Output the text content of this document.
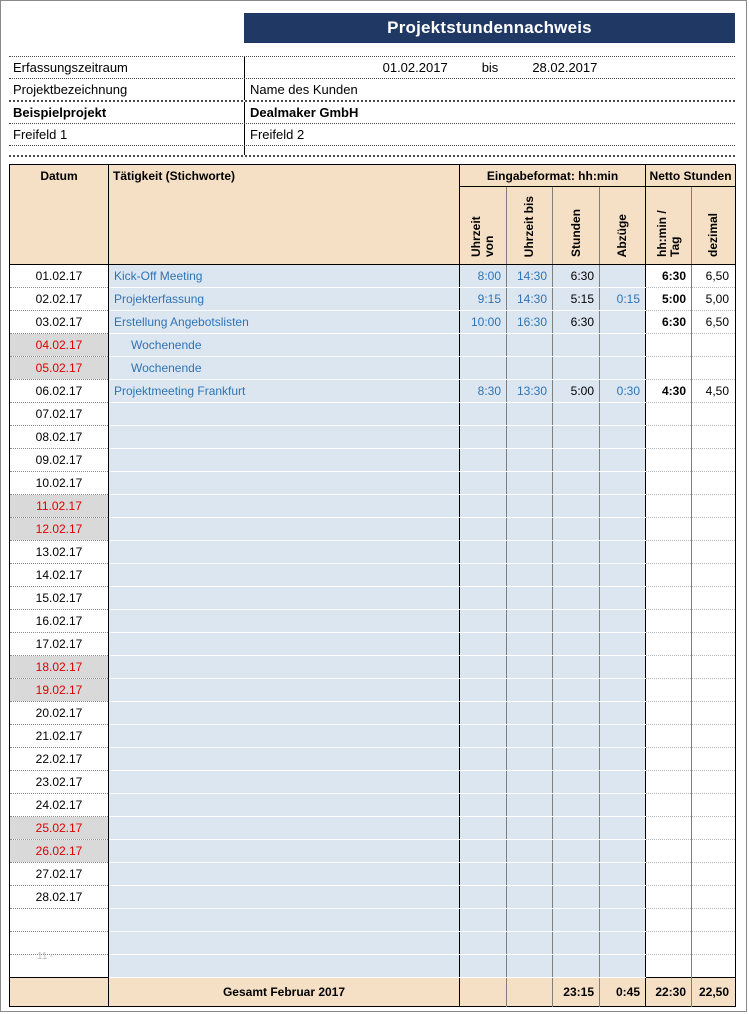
Projektstundennachweis
Erfassungszeitraum	01.02.2017	bis	28.02.2017
Projektbezeichnung	Name des Kunden
Beispielprojekt	Dealmaker GmbH
Freifeld 1	Freifeld 2
Datum	Tätigkeit (Stichworte)	Eingabeformat: hh:min				Netto Stunden	
		Uhrzeit von	Uhrzeit bis	Stunden	Abzüge	hh:min / Tag	dezimal
01.02.17	Kick-Off Meeting	8:00	14:30	6:30		6:30	6,50
02.02.17	Projekterfassung	9:15	14:30	5:15	0:15	5:00	5,00
03.02.17	Erstellung Angebotslisten	10:00	16:30	6:30		6:30	6,50
04.02.17	Wochenende						
05.02.17	Wochenende						
06.02.17	Projektmeeting Frankfurt	8:30	13:30	5:00	0:30	4:30	4,50
07.02.17							
08.02.17							
09.02.17							
10.02.17							
11.02.17							
12.02.17							
13.02.17							
14.02.17							
15.02.17							
16.02.17							
17.02.17							
18.02.17							
19.02.17							
20.02.17							
21.02.17							
22.02.17							
23.02.17							
24.02.17							
25.02.17							
26.02.17							
27.02.17							
28.02.17							

	Gesamt Februar 2017			23:15	0:45	22:30	22,50
11 -
